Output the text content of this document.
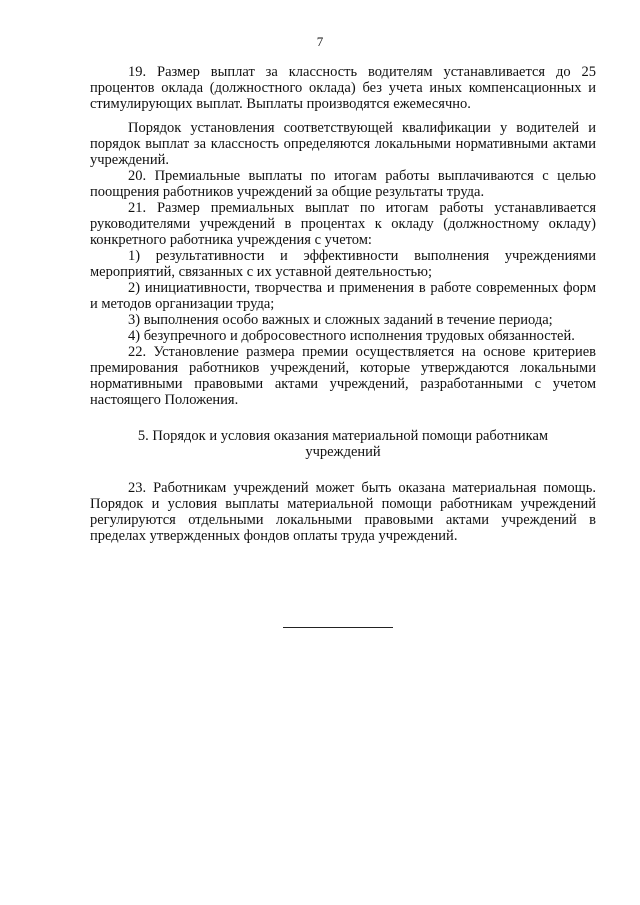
7

19. Размер выплат за классность водителям устанавливается до 25 процентов оклада (должностного оклада) без учета иных компенсационных и стимулирующих выплат. Выплаты производятся ежемесячно.

Порядок установления соответствующей квалификации у водителей и порядок выплат за классность определяются локальными нормативными актами учреждений.

20. Премиальные выплаты по итогам работы выплачиваются с целью поощрения работников учреждений за общие результаты труда.

21. Размер премиальных выплат по итогам работы устанавливается руководителями учреждений в процентах к окладу (должностному окладу) конкретного работника учреждения с учетом:

1) результативности и эффективности выполнения учреждениями мероприятий, связанных с их уставной деятельностью;

2) инициативности, творчества и применения в работе современных форм и методов организации труда;

3) выполнения особо важных и сложных заданий в течение периода;

4) безупречного и добросовестного исполнения трудовых обязанностей.

22. Установление размера премии осуществляется на основе критериев премирования работников учреждений, которые утверждаются локальными нормативными правовыми актами учреждений, разработанными с учетом настоящего Положения.

5. Порядок и условия оказания материальной помощи работникам
учреждений

23. Работникам учреждений может быть оказана материальная помощь. Порядок и условия выплаты материальной помощи работникам учреждений регулируются отдельными локальными правовыми актами учреждений в пределах утвержденных фондов оплаты труда учреждений.
